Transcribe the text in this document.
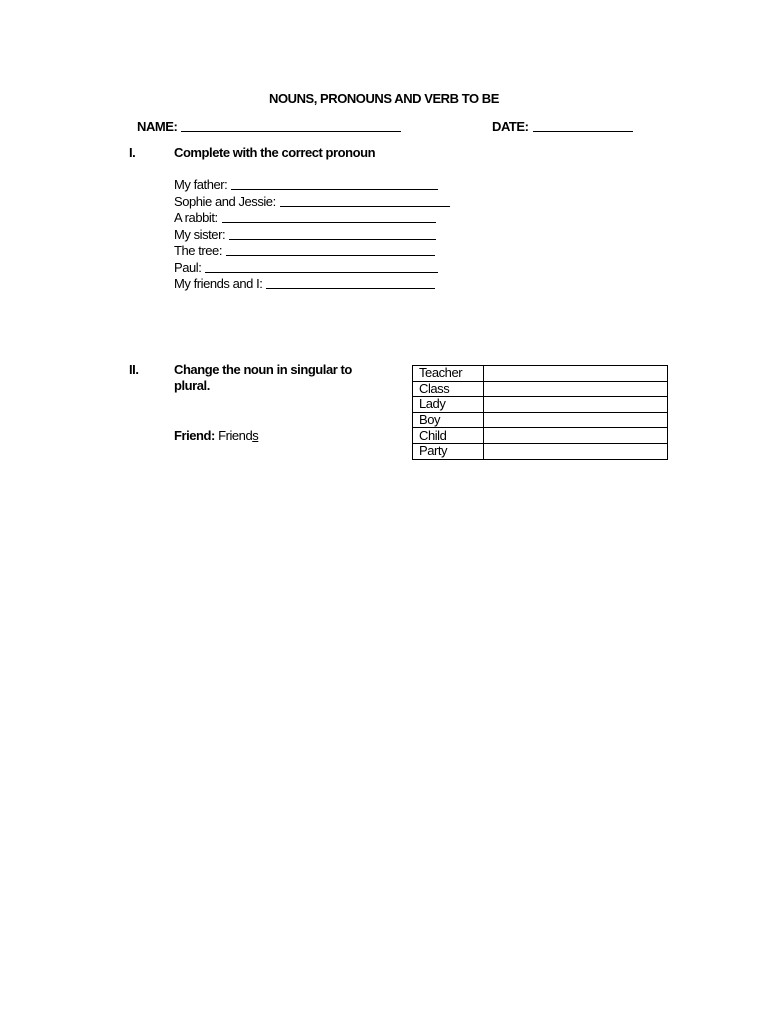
NOUNS, PRONOUNS AND VERB TO BE
NAME:	DATE:
I.	Complete with the correct pronoun
My father:
Sophie and Jessie:
A rabbit:
My sister:
The tree:
Paul:
My friends and I:
II.	Change the noun in singular to
plural.
Friend: Friends
Teacher	
Class	
Lady	
Boy	
Child	
Party	
